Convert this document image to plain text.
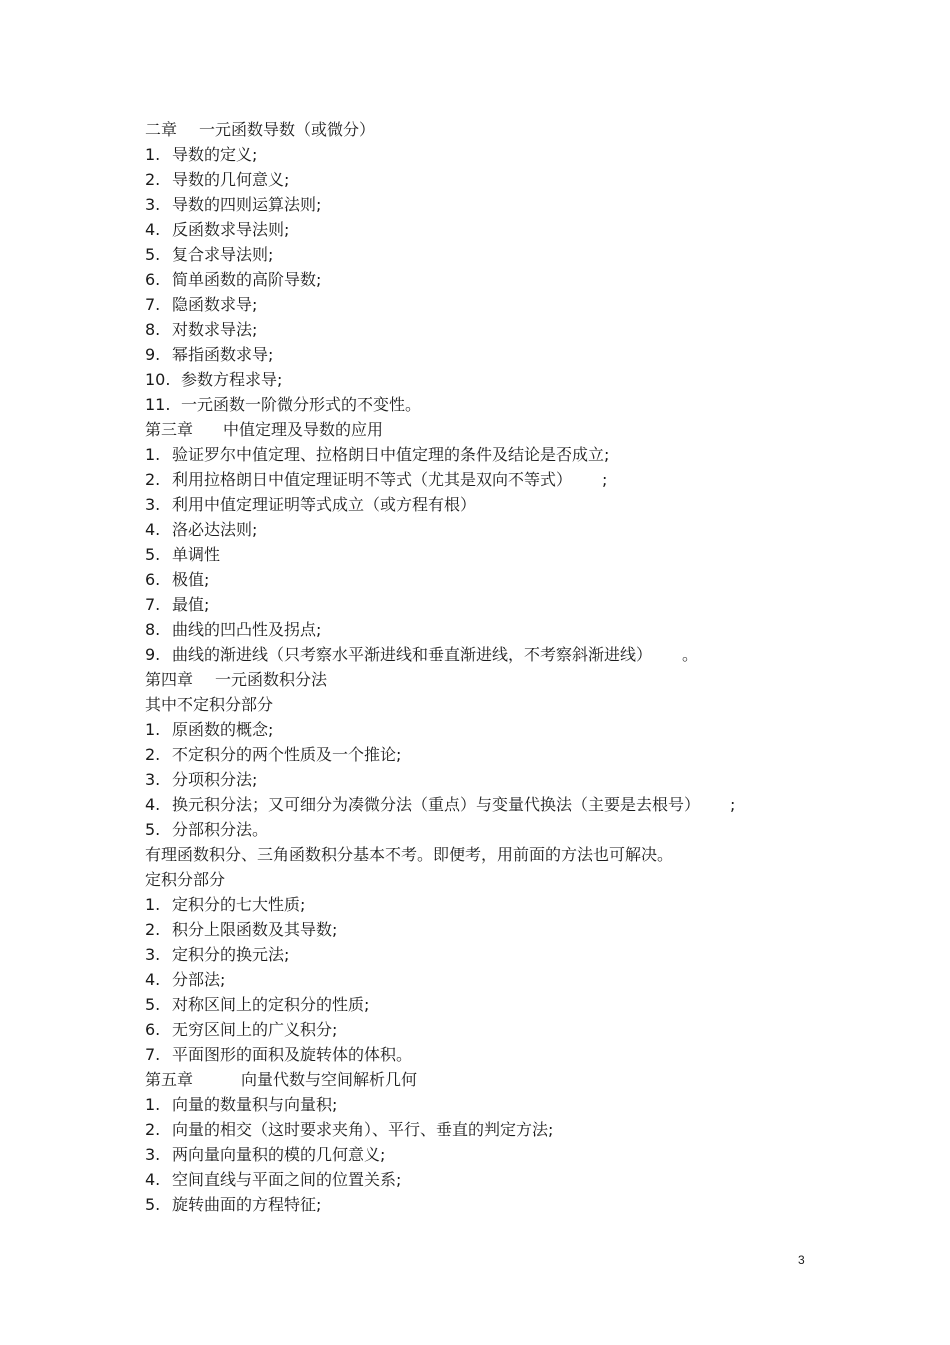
二章 一元函数导数（或微分）
1. 导数的定义;
2. 导数的几何意义;
3. 导数的四则运算法则;
4. 反函数求导法则;
5. 复合求导法则;
6. 简单函数的高阶导数;
7. 隐函数求导;
8. 对数求导法;
9. 幂指函数求导;
10. 参数方程求导;
11. 一元函数一阶微分形式的不变性。
第三章 中值定理及导数的应用
1. 验证罗尔中值定理、拉格朗日中值定理的条件及结论是否成立;
2. 利用拉格朗日中值定理证明不等式（尤其是双向不等式） ;
3. 利用中值定理证明等式成立（或方程有根）
4. 洛必达法则;
5. 单调性
6. 极值;
7. 最值;
8. 曲线的凹凸性及拐点;
9. 曲线的渐进线（只考察水平渐进线和垂直渐进线，不考察斜渐进线） 。
第四章 一元函数积分法
其中不定积分部分
1. 原函数的概念;
2. 不定积分的两个性质及一个推论;
3. 分项积分法;
4. 换元积分法；又可细分为凑微分法（重点）与变量代换法（主要是去根号） ;
5. 分部积分法。
有理函数积分、三角函数积分基本不考。即便考，用前面的方法也可解决。
定积分部分
1. 定积分的七大性质;
2. 积分上限函数及其导数;
3. 定积分的换元法;
4. 分部法;
5. 对称区间上的定积分的性质;
6. 无穷区间上的广义积分;
7. 平面图形的面积及旋转体的体积。
第五章	向量代数与空间解析几何
1. 向量的数量积与向量积;
2. 向量的相交（这时要求夹角）、平行、垂直的判定方法;
3. 两向量向量积的模的几何意义;
4. 空间直线与平面之间的位置关系;
5. 旋转曲面的方程特征;
3
